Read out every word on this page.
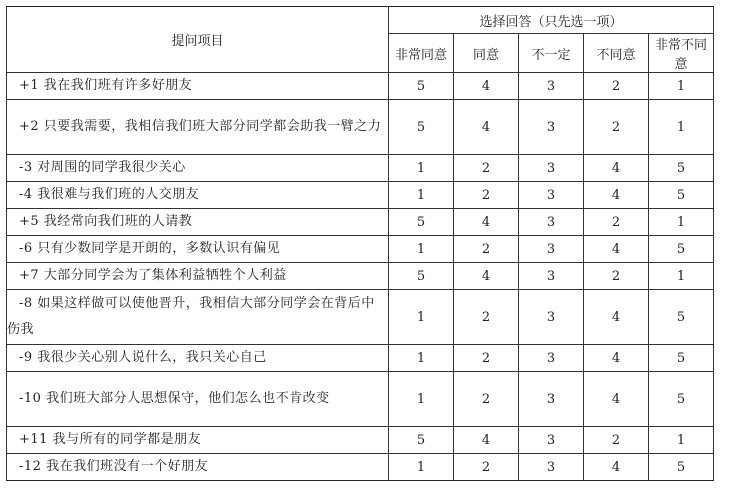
提问项目	选择回答（只先选一项）				
	非常同意	同意	不一定	不同意	非常不同意
+1 我在我们班有许多好朋友	5	4	3	2	1
+2 只要我需要，我相信我们班大部分同学都会助我一臂之力	5	4	3	2	1
-3 对周围的同学我很少关心	1	2	3	4	5
-4 我很难与我们班的人交朋友	1	2	3	4	5
+5 我经常向我们班的人请教	5	4	3	2	1
-6 只有少数同学是开朗的，多数认识有偏见	1	2	3	4	5
+7 大部分同学会为了集体利益牺牲个人利益	5	4	3	2	1
-8 如果这样做可以使他晋升，我相信大部分同学会在背后中伤我	1	2	3	4	5
-9 我很少关心别人说什么，我只关心自己	1	2	3	4	5
-10 我们班大部分人思想保守，他们怎么也不肯改变	1	2	3	4	5
+11 我与所有的同学都是朋友	5	4	3	2	1
-12 我在我们班没有一个好朋友	1	2	3	4	5
